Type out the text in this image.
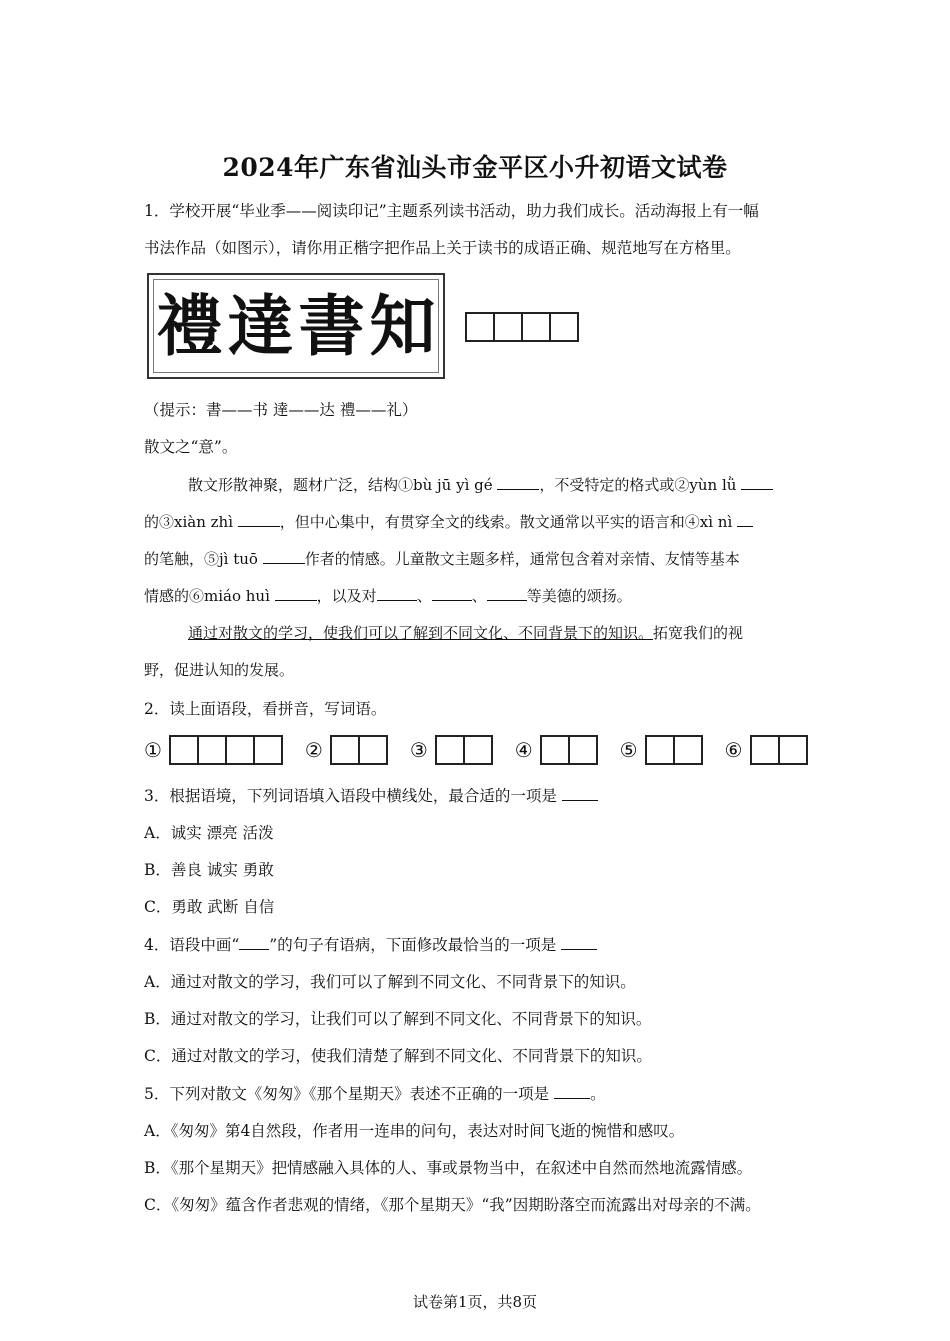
2024年广东省汕头市金平区小升初语文试卷
1．学校开展“毕业季——阅读印记”主题系列读书活动，助力我们成长。活动海报上有一幅
书法作品（如图示），请你用正楷字把作品上关于读书的成语正确、规范地写在方格里。
禮 達 書 知
（提示：書——书 達——达 禮——礼）
散文之“意”。
散文形散神聚，题材广泛，结构①bù jū yì gé	，不受特定的格式或②yùn lǜ
的③xiàn zhì	，但中心集中，有贯穿全文的线索。散文通常以平实的语言和④xì nì
的笔触，⑤jì tuō	作者的情感。儿童散文主题多样，通常包含着对亲情、友情等基本
情感的⑥miáo huì	，以及对	、	、	等美德的颂扬。
通过对散文的学习，使我们可以了解到不同文化、不同背景下的知识。拓宽我们的视
野，促进认知的发展。
2．读上面语段，看拼音，写词语。
①	②	③	④	⑤	⑥
3．根据语境，下列词语填入语段中横线处，最合适的一项是
A．诚实 漂亮 活泼
B．善良 诚实 勇敢
C．勇敢 武断 自信
4．语段中画“ ”的句子有语病，下面修改最恰当的一项是
A．通过对散文的学习，我们可以了解到不同文化、不同背景下的知识。
B．通过对散文的学习，让我们可以了解到不同文化、不同背景下的知识。
C．通过对散文的学习，使我们清楚了解到不同文化、不同背景下的知识。
5．下列对散文《匆匆》《那个星期天》表述不正确的一项是	。
A．《匆匆》第4自然段，作者用一连串的问句，表达对时间飞逝的惋惜和感叹。
B．《那个星期天》把情感融入具体的人、事或景物当中，在叙述中自然而然地流露情感。
C．《匆匆》蕴含作者悲观的情绪，《那个星期天》“我”因期盼落空而流露出对母亲的不满。
试卷第1页，共8页
